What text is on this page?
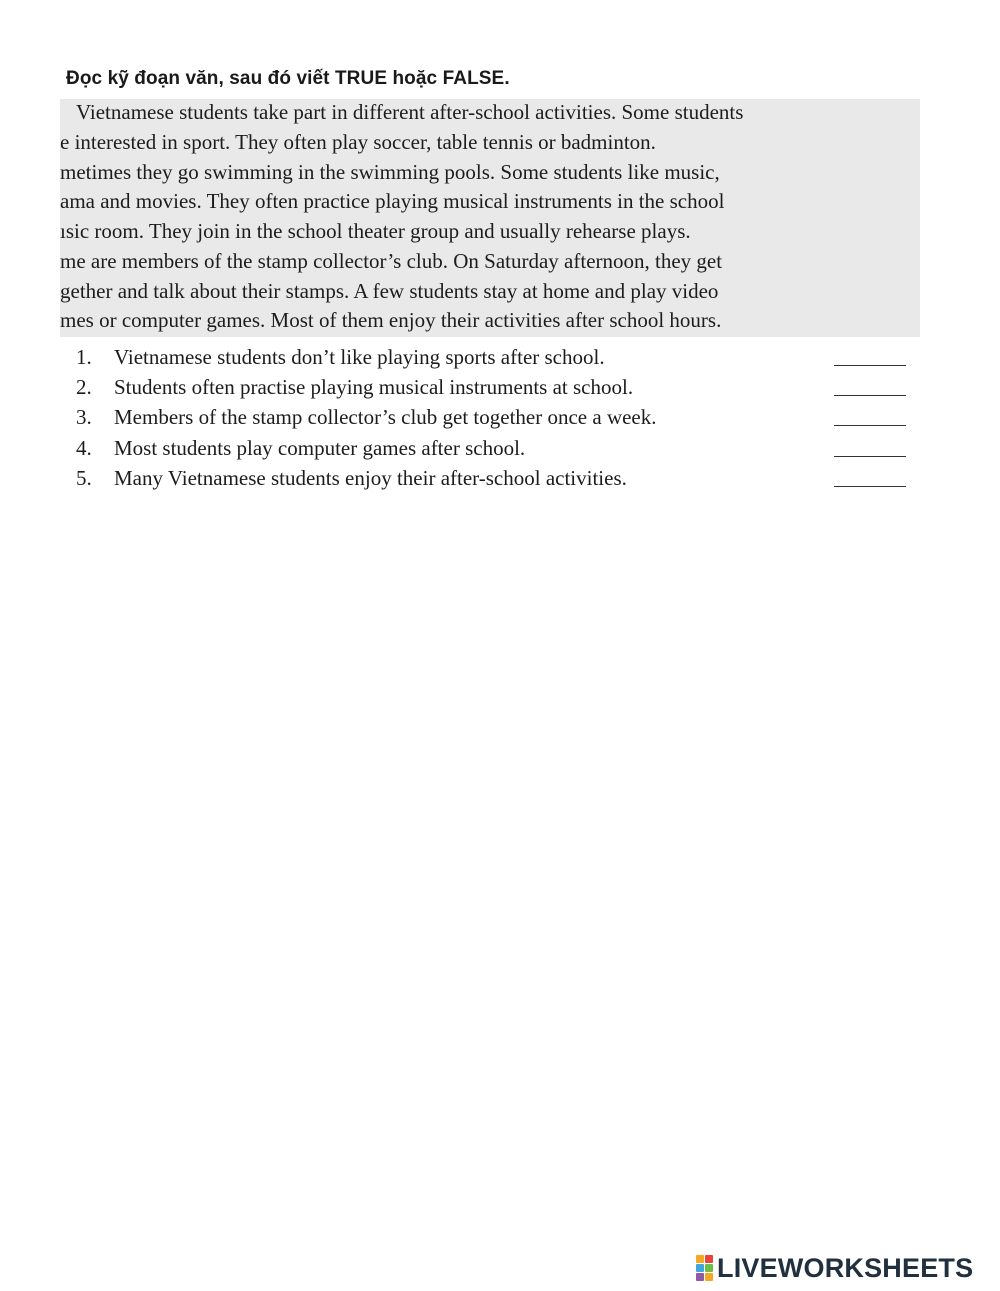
Đọc kỹ đoạn văn, sau đó viết TRUE hoặc FALSE.
Vietnamese students take part in different after-school activities. Some students
e interested in sport. They often play soccer, table tennis or badminton.
metimes they go swimming in the swimming pools. Some students like music,
ama and movies. They often practice playing musical instruments in the school
ısic room. They join in the school theater group and usually rehearse plays.
me are members of the stamp collector’s club. On Saturday afternoon, they get
gether and talk about their stamps. A few students stay at home and play video
mes or computer games. Most of them enjoy their activities after school hours.
1.	Vietnamese students don’t like playing sports after school.
2.	Students often practise playing musical instruments at school.
3.	Members of the stamp collector’s club get together once a week.
4.	Most students play computer games after school.
5.	Many Vietnamese students enjoy their after-school activities.
LIVEWORKSHEETS
